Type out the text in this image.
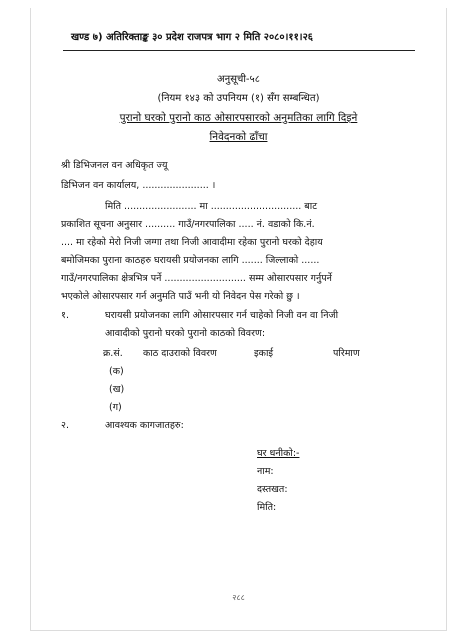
खण्ड ७) अतिरिक्ताङ्क ३० प्रदेश राजपत्र भाग २ मिति २०८०।११।२६
अनुसूची-५८
(नियम १४३ को उपनियम (१) सँग सम्बन्धित)
पुरानो घरको पुरानो काठ ओसारपसारको अनुमतिका लागि दिइने
निवेदनको ढाँचा
श्री डिभिजनल वन अधिकृत ज्यू
डिभिजन वन कार्यालय, ...................... ।
मिति ........................ मा .............................. बाट
प्रकाशित सूचना अनुसार .......... गाउँ/नगरपालिका ..... नं. वडाको कि.नं.
.... मा रहेको मेरो निजी जग्गा तथा निजी आवादीमा रहेका पुरानो घरको देहाय
बमोजिमका पुराना काठहरु घरायसी प्रयोजनका लागि ....... जिल्लाको ......
गाउँ/नगरपालिका क्षेत्रभित्र पर्ने ........................... सम्म ओसारपसार गर्नुपर्ने
भएकोले ओसारपसार गर्न अनुमति पाउँ भनी यो निवेदन पेस गरेको छु ।
१.	घरायसी प्रयोजनका लागि ओसारपसार गर्न चाहेको निजी वन वा निजी
आवादीको पुरानो घरको पुरानो काठको विवरण:
क्र.सं. काठ दाउराको विवरण	इकाई	परिमाण
(क)
(ख)
(ग)
२.	आवश्यक कागजातहरु:
घर धनीको:-
नाम:
दस्तखत:
मिति:
२८८
